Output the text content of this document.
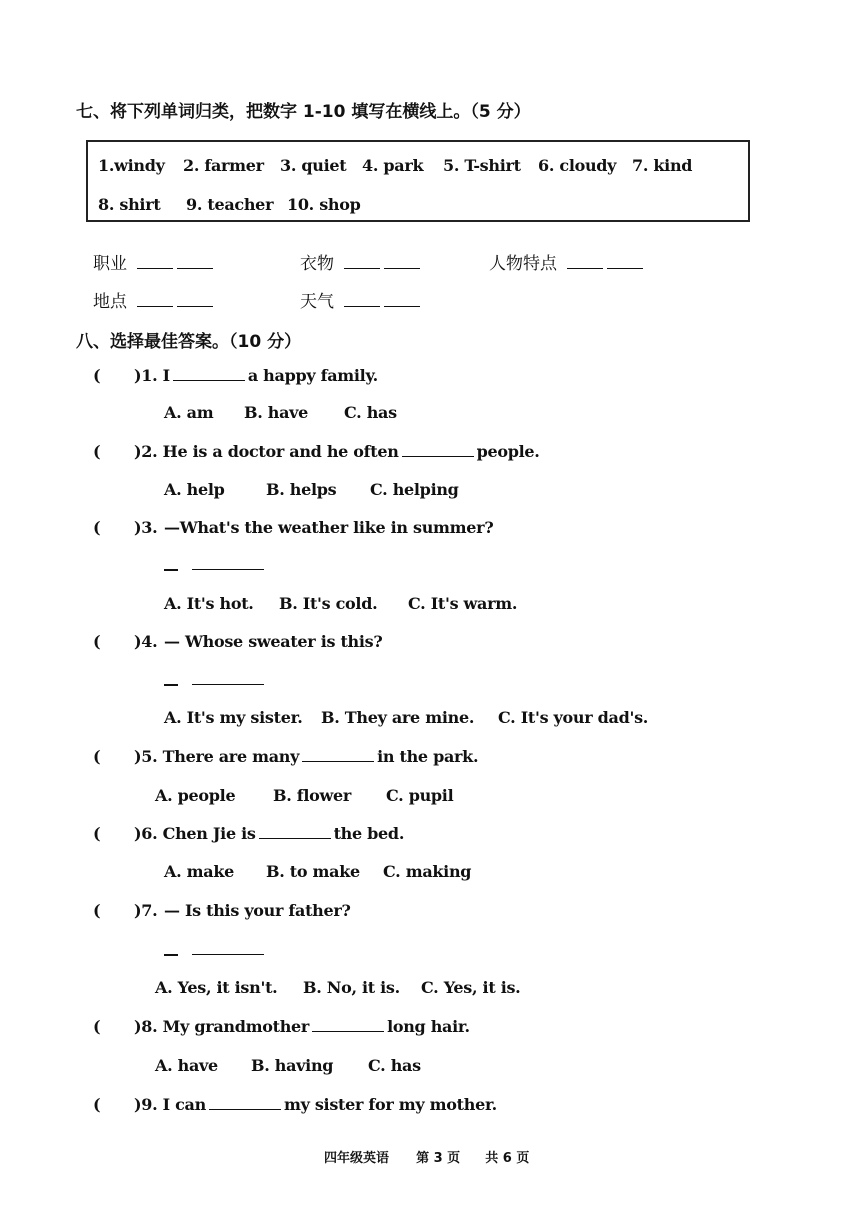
七、将下列单词归类，把数字 1-10 填写在横线上。（5 分）
1.windy 2. farmer 3. quiet 4. park 5. T-shirt 6. cloudy 7. kind
8. shirt 9. teacher 10. shop
职业	衣物	人物特点
地点	天气
八、选择最佳答案。（10 分）
( )1. I	a happy family.
A. am B. have C. has
( )2. He is a doctor and he often	people.
A. help	B. helps C. helping
( )3. —What's the weather like in summer?
A. It's hot. B. It's cold. C. It's warm.
( )4. — Whose sweater is this?
A. It's my sister. B. They are mine. C. It's your dad's.
( )5. There are many	in the park.
A. people B. flower C. pupil
( )6. Chen Jie is	the bed.
A. make B. to make C. making
( )7. — Is this your father?
A. Yes, it isn't. B. No, it is. C. Yes, it is.
( )8. My grandmother	long hair.
A. have B. having C. has
( )9. I can	my sister for my mother.
四年级英语 第 3 页 共 6 页
